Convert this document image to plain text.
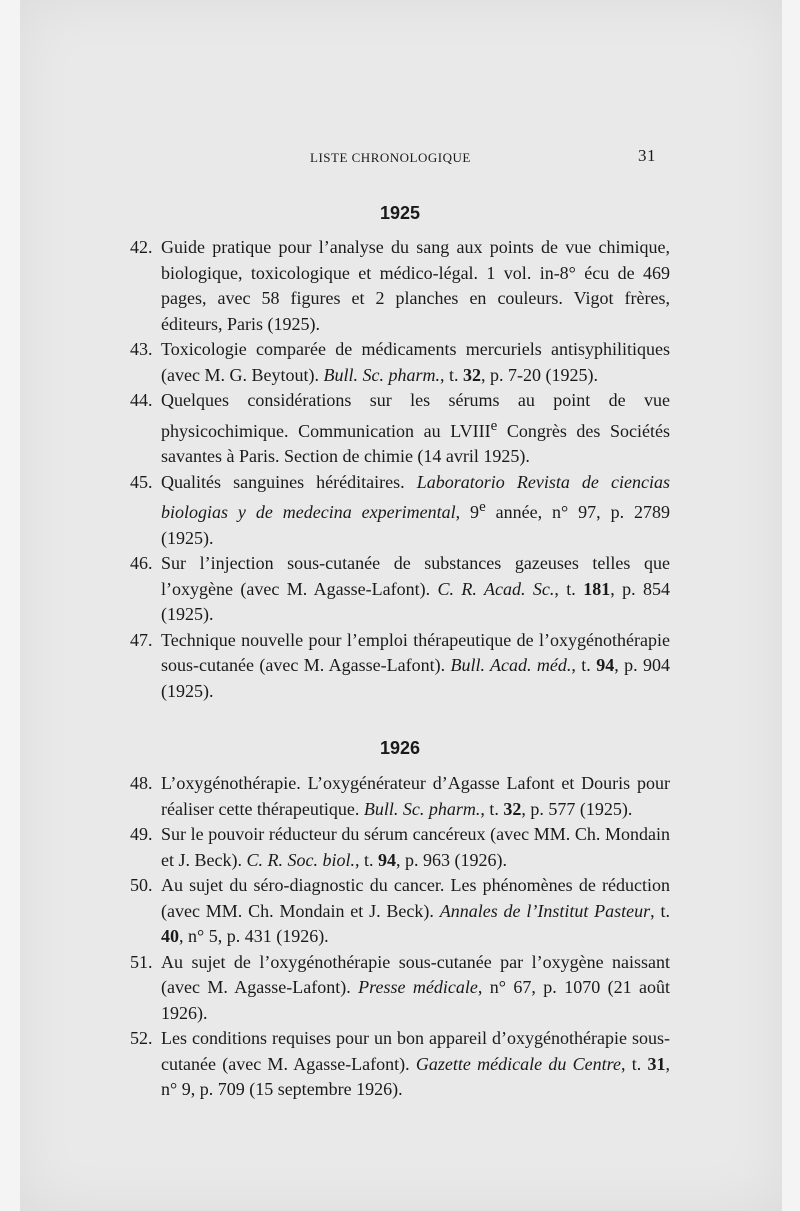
LISTE CHRONOLOGIQUE	31
1925

42. Guide pratique pour l’analyse du sang aux points de vue chimique, biologique, toxicologique et médico-légal. 1 vol. in-8° écu de 469 pages, avec 58 figures et 2 planches en couleurs. Vigot frères, éditeurs, Paris (1925).

43. Toxicologie comparée de médicaments mercuriels antisyphilitiques (avec M. G. Beytout). Bull. Sc. pharm., t. 32, p. 7-20 (1925).

44. Quelques considérations sur les sérums au point de vue physicochimique. Communication au LVIIIe Congrès des Sociétés savantes à Paris. Section de chimie (14 avril 1925).

45. Qualités sanguines héréditaires. Laboratorio Revista de ciencias biologias y de medecina experimental, 9e année, n° 97, p. 2789 (1925).

46. Sur l’injection sous-cutanée de substances gazeuses telles que l’oxygène (avec M. Agasse-Lafont). C. R. Acad. Sc., t. 181, p. 854 (1925).

47. Technique nouvelle pour l’emploi thérapeutique de l’oxygénothérapie sous-cutanée (avec M. Agasse-Lafont). Bull. Acad. méd., t. 94, p. 904 (1925).

1926

48. L’oxygénothérapie. L’oxygénérateur d’Agasse Lafont et Douris pour réaliser cette thérapeutique. Bull. Sc. pharm., t. 32, p. 577 (1925).

49. Sur le pouvoir réducteur du sérum cancéreux (avec MM. Ch. Mondain et J. Beck). C. R. Soc. biol., t. 94, p. 963 (1926).

50. Au sujet du séro-diagnostic du cancer. Les phénomènes de réduction (avec MM. Ch. Mondain et J. Beck). Annales de l’Institut Pasteur, t. 40, n° 5, p. 431 (1926).

51. Au sujet de l’oxygénothérapie sous-cutanée par l’oxygène naissant (avec M. Agasse-Lafont). Presse médicale, n° 67, p. 1070 (21 août 1926).

52. Les conditions requises pour un bon appareil d’oxygénothérapie sous-cutanée (avec M. Agasse-Lafont). Gazette médicale du Centre, t. 31, n° 9, p. 709 (15 septembre 1926).
